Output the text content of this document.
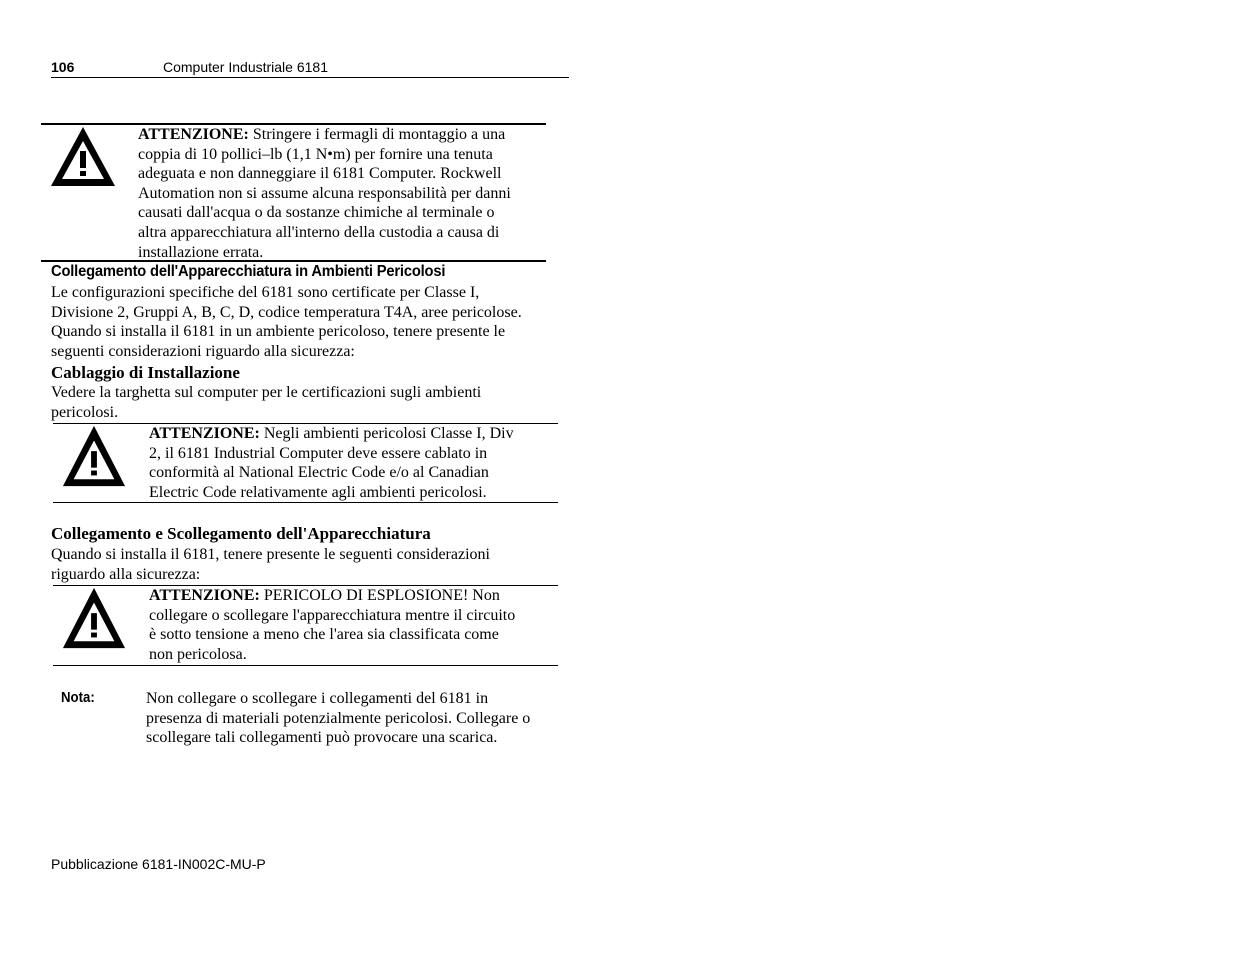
106	Computer Industriale 6181
ATTENZIONE: Stringere i fermagli di montaggio a una
coppia di 10 pollici–lb (1,1 N•m) per fornire una tenuta
adeguata e non danneggiare il 6181 Computer. Rockwell
Automation non si assume alcuna responsabilità per danni
causati dall'acqua o da sostanze chimiche al terminale o
altra apparecchiatura all'interno della custodia a causa di
installazione errata.
Collegamento dell'Apparecchiatura in Ambienti Pericolosi
Le configurazioni specifiche del 6181 sono certificate per Classe I,
Divisione 2, Gruppi A, B, C, D, codice temperatura T4A, aree pericolose.
Quando si installa il 6181 in un ambiente pericoloso, tenere presente le
seguenti considerazioni riguardo alla sicurezza:
Cablaggio di Installazione
Vedere la targhetta sul computer per le certificazioni sugli ambienti
pericolosi.
ATTENZIONE: Negli ambienti pericolosi Classe I, Div
2, il 6181 Industrial Computer deve essere cablato in
conformità al National Electric Code e/o al Canadian
Electric Code relativamente agli ambienti pericolosi.
Collegamento e Scollegamento dell'Apparecchiatura
Quando si installa il 6181, tenere presente le seguenti considerazioni
riguardo alla sicurezza:
ATTENZIONE: PERICOLO DI ESPLOSIONE! Non
collegare o scollegare l'apparecchiatura mentre il circuito
è sotto tensione a meno che l'area sia classificata come
non pericolosa.
Nota:	Non collegare o scollegare i collegamenti del 6181 in
presenza di materiali potenzialmente pericolosi. Collegare o
scollegare tali collegamenti può provocare una scarica.
Pubblicazione 6181-IN002C-MU-P
